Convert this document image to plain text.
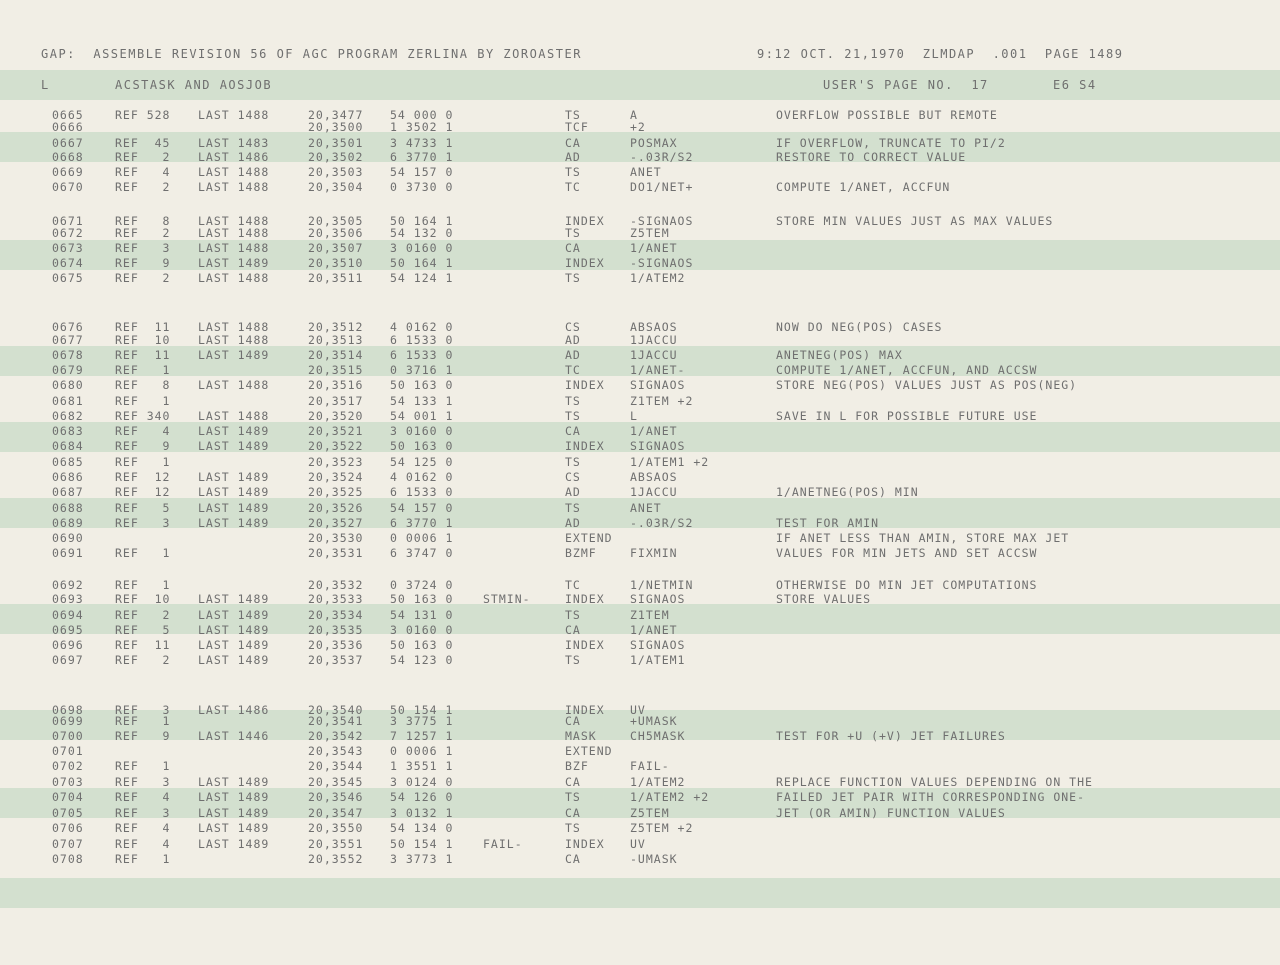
GAP:  ASSEMBLE REVISION 56 OF AGC PROGRAM ZERLINA BY ZOROASTER

	9:12 OCT. 21,1970  ZLMDAP  .001  PAGE 1489

L

	ACSTASK AND AOSJOB

	USER'S PAGE NO.  17

	E6 S4

0665	REF 528 LAST 1488	20,3477 54 000 0	TS	A	OVERFLOW POSSIBLE BUT REMOTE
0666	20,3500 1 3502 1	TCF	+2
0667	REF  45 LAST 1483	20,3501 3 4733 1	CA	POSMAX	IF OVERFLOW, TRUNCATE TO PI/2
0668	REF   2 LAST 1486	20,3502 6 3770 1	AD	-.03R/S2	RESTORE TO CORRECT VALUE
0669	REF   4 LAST 1488	20,3503 54 157 0	TS	ANET
0670	REF   2 LAST 1488	20,3504 0 3730 0	TC	DO1/NET+	COMPUTE 1/ANET, ACCFUN
0671	REF   8 LAST 1488	20,3505 50 164 1	INDEX -SIGNAOS	STORE MIN VALUES JUST AS MAX VALUES
0672	REF   2 LAST 1488	20,3506 54 132 0	TS	Z5TEM
0673	REF   3 LAST 1488	20,3507 3 0160 0	CA	1/ANET
0674	REF   9 LAST 1489	20,3510 50 164 1	INDEX -SIGNAOS
0675	REF   2 LAST 1488	20,3511 54 124 1	TS	1/ATEM2
0676	REF  11 LAST 1488	20,3512 4 0162 0	CS	ABSAOS	NOW DO NEG(POS) CASES
0677	REF  10 LAST 1488	20,3513 6 1533 0	AD	1JACCU
0678	REF  11 LAST 1489	20,3514 6 1533 0	AD	1JACCU	ANETNEG(POS) MAX
0679	REF   1	20,3515 0 3716 1	TC	1/ANET-	COMPUTE 1/ANET, ACCFUN, AND ACCSW
0680	REF   8 LAST 1488	20,3516 50 163 0	INDEX SIGNAOS	STORE NEG(POS) VALUES JUST AS POS(NEG)
0681	REF   1	20,3517 54 133 1	TS	Z1TEM +2
0682	REF 340 LAST 1488	20,3520 54 001 1	TS	L	SAVE IN L FOR POSSIBLE FUTURE USE
0683	REF   4 LAST 1489	20,3521 3 0160 0	CA	1/ANET
0684	REF   9 LAST 1489	20,3522 50 163 0	INDEX SIGNAOS
0685	REF   1	20,3523 54 125 0	TS	1/ATEM1 +2
0686	REF  12 LAST 1489	20,3524 4 0162 0	CS	ABSAOS
0687	REF  12 LAST 1489	20,3525 6 1533 0	AD	1JACCU	1/ANETNEG(POS) MIN
0688	REF   5 LAST 1489	20,3526 54 157 0	TS	ANET
0689	REF   3 LAST 1489	20,3527 6 3770 1	AD	-.03R/S2	TEST FOR AMIN
0690	20,3530 0 0006 1	EXTEND	IF ANET LESS THAN AMIN, STORE MAX JET
0691	REF   1	20,3531 6 3747 0	BZMF	FIXMIN	VALUES FOR MIN JETS AND SET ACCSW
0692	REF   1	20,3532 0 3724 0	TC	1/NETMIN	OTHERWISE DO MIN JET COMPUTATIONS
0693	REF  10 LAST 1489	20,3533 50 163 0	STMIN-	INDEX SIGNAOS	STORE VALUES
0694	REF   2 LAST 1489	20,3534 54 131 0	TS	Z1TEM
0695	REF   5 LAST 1489	20,3535 3 0160 0	CA	1/ANET
0696	REF  11 LAST 1489	20,3536 50 163 0	INDEX SIGNAOS
0697	REF   2 LAST 1489	20,3537 54 123 0	TS	1/ATEM1
0698	REF   3 LAST 1486	20,3540 50 154 1	INDEX UV
0699	REF   1	20,3541 3 3775 1	CA	+UMASK
0700	REF   9 LAST 1446	20,3542 7 1257 1	MASK	CH5MASK	TEST FOR +U (+V) JET FAILURES
0701	20,3543 0 0006 1	EXTEND
0702	REF   1	20,3544 1 3551 1	BZF	FAIL-
0703	REF   3 LAST 1489	20,3545 3 0124 0	CA	1/ATEM2	REPLACE FUNCTION VALUES DEPENDING ON THE
0704	REF   4 LAST 1489	20,3546 54 126 0	TS	1/ATEM2 +2	FAILED JET PAIR WITH CORRESPONDING ONE-
0705	REF   3 LAST 1489	20,3547 3 0132 1	CA	Z5TEM	JET (OR AMIN) FUNCTION VALUES
0706	REF   4 LAST 1489	20,3550 54 134 0	TS	Z5TEM +2
0707	REF   4 LAST 1489	20,3551 50 154 1	FAIL-	INDEX UV
0708	REF   1	20,3552 3 3773 1	CA	-UMASK
